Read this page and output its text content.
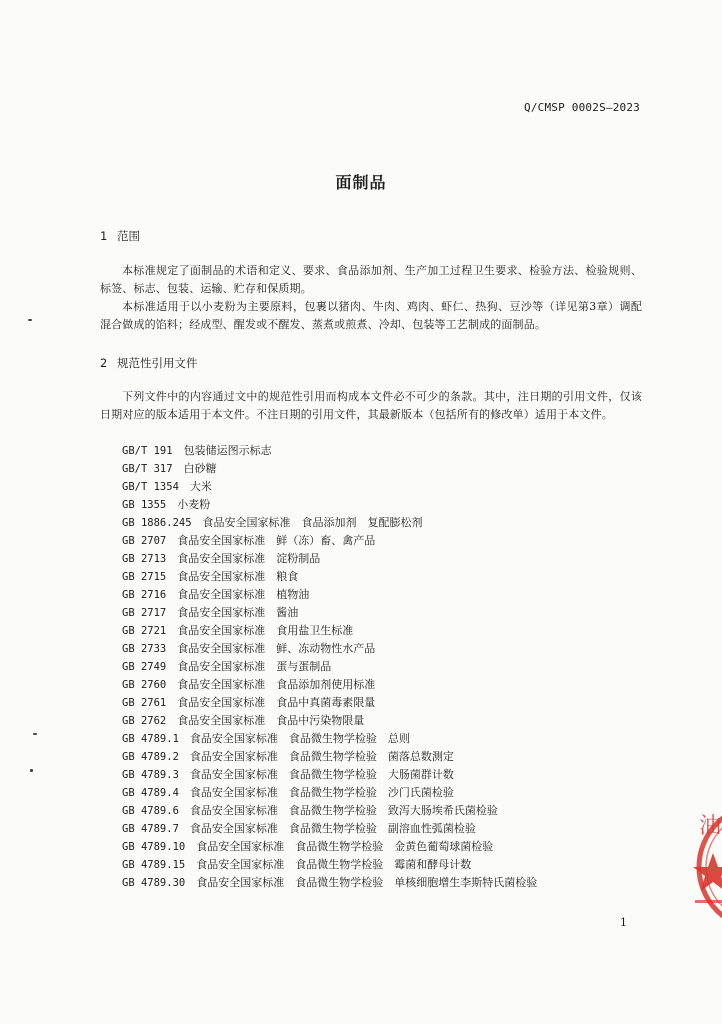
Q/CMSP 0002S—2023
面制品
1 范围

本标准规定了面制品的术语和定义、要求、食品添加剂、生产加工过程卫生要求、检验方法、检验规则、标签、标志、包装、运输、贮存和保质期。

本标准适用于以小麦粉为主要原料，包裹以猪肉、牛肉、鸡肉、虾仁、热狗、豆沙等（详见第3章）调配混合做成的馅料；经成型、醒发或不醒发、蒸煮或煎煮、冷却、包装等工艺制成的面制品。

2 规范性引用文件

下列文件中的内容通过文中的规范性引用而构成本文件必不可少的条款。其中，注日期的引用文件，仅该日期对应的版本适用于本文件。不注日期的引用文件，其最新版本（包括所有的修改单）适用于本文件。

GB/T 191　 包装储运图示标志
GB/T 317　 白砂糖
GB/T 1354　 大米
GB 1355　 小麦粉
GB 1886.245　 食品安全国家标准　食品添加剂　复配膨松剂
GB 2707　 食品安全国家标准　鲜（冻）畜、禽产品
GB 2713　 食品安全国家标准　淀粉制品
GB 2715　 食品安全国家标准　粮食
GB 2716　 食品安全国家标准　植物油
GB 2717　 食品安全国家标准　酱油
GB 2721　 食品安全国家标准　食用盐卫生标准
GB 2733　 食品安全国家标准　鲜、冻动物性水产品
GB 2749　 食品安全国家标准　蛋与蛋制品
GB 2760　 食品安全国家标准　食品添加剂使用标准
GB 2761　 食品安全国家标准　食品中真菌毒素限量
GB 2762　 食品安全国家标准　食品中污染物限量
GB 4789.1　 食品安全国家标准　食品微生物学检验　总则
GB 4789.2　 食品安全国家标准　食品微生物学检验　菌落总数测定
GB 4789.3　 食品安全国家标准　食品微生物学检验　大肠菌群计数
GB 4789.4　 食品安全国家标准　食品微生物学检验　沙门氏菌检验
GB 4789.6　 食品安全国家标准　食品微生物学检验　致泻大肠埃希氏菌检验
GB 4789.7　 食品安全国家标准　食品微生物学检验　副溶血性弧菌检验
GB 4789.10　 食品安全国家标准　食品微生物学检验　金黄色葡萄球菌检验
GB 4789.15　 食品安全国家标准　食品微生物学检验　霉菌和酵母计数
GB 4789.30　 食品安全国家标准　食品微生物学检验　单核细胞增生李斯特氏菌检验
1
油
